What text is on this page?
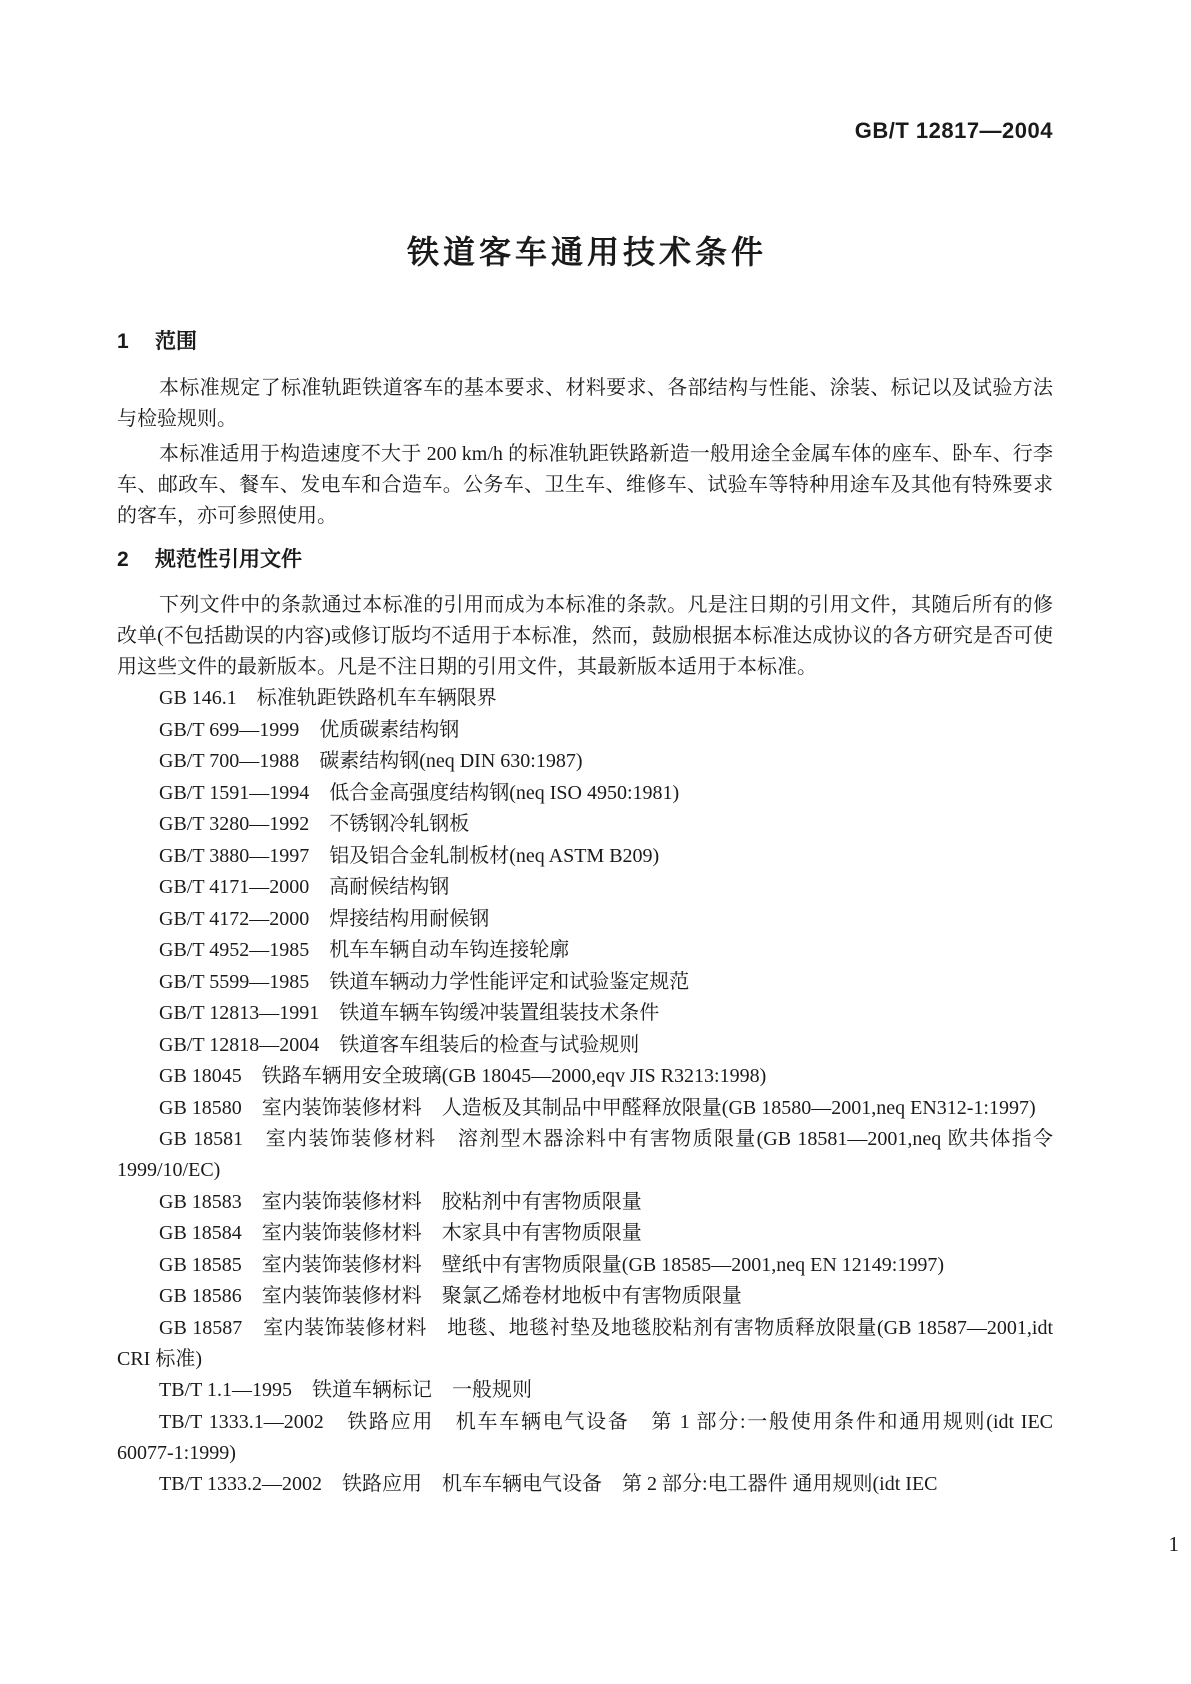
GB/T 12817—2004
铁道客车通用技术条件
1 范围

本标准规定了标准轨距铁道客车的基本要求、材料要求、各部结构与性能、涂装、标记以及试验方法与检验规则。

本标准适用于构造速度不大于 200 km/h 的标准轨距铁路新造一般用途全金属车体的座车、卧车、行李车、邮政车、餐车、发电车和合造车。公务车、卫生车、维修车、试验车等特种用途车及其他有特殊要求的客车，亦可参照使用。

2 规范性引用文件

下列文件中的条款通过本标准的引用而成为本标准的条款。凡是注日期的引用文件，其随后所有的修改单(不包括勘误的内容)或修订版均不适用于本标准，然而，鼓励根据本标准达成协议的各方研究是否可使用这些文件的最新版本。凡是不注日期的引用文件，其最新版本适用于本标准。

GB 146.1　标准轨距铁路机车车辆限界

GB/T 699—1999　优质碳素结构钢

GB/T 700—1988　碳素结构钢(neq DIN 630:1987)

GB/T 1591—1994　低合金高强度结构钢(neq ISO 4950:1981)

GB/T 3280—1992　不锈钢冷轧钢板

GB/T 3880—1997　铝及铝合金轧制板材(neq ASTM B209)

GB/T 4171—2000　高耐候结构钢

GB/T 4172—2000　焊接结构用耐候钢

GB/T 4952—1985　机车车辆自动车钩连接轮廓

GB/T 5599—1985　铁道车辆动力学性能评定和试验鉴定规范

GB/T 12813—1991　铁道车辆车钩缓冲装置组装技术条件

GB/T 12818—2004　铁道客车组装后的检查与试验规则

GB 18045　铁路车辆用安全玻璃(GB 18045—2000,eqv JIS R3213:1998)

GB 18580　室内装饰装修材料　人造板及其制品中甲醛释放限量(GB 18580—2001,neq EN312-1:1997)

GB 18581　室内装饰装修材料　溶剂型木器涂料中有害物质限量(GB 18581—2001,neq 欧共体指令 1999/10/EC)

GB 18583　室内装饰装修材料　胶粘剂中有害物质限量

GB 18584　室内装饰装修材料　木家具中有害物质限量

GB 18585　室内装饰装修材料　壁纸中有害物质限量(GB 18585—2001,neq EN 12149:1997)

GB 18586　室内装饰装修材料　聚氯乙烯卷材地板中有害物质限量

GB 18587　室内装饰装修材料　地毯、地毯衬垫及地毯胶粘剂有害物质释放限量(GB 18587—2001,idt CRI 标准)

TB/T 1.1—1995　铁道车辆标记　一般规则

TB/T 1333.1—2002　铁路应用　机车车辆电气设备　第 1 部分:一般使用条件和通用规则(idt IEC 60077-1:1999)

TB/T 1333.2—2002　铁路应用　机车车辆电气设备　第 2 部分:电工器件 通用规则(idt IEC

1
